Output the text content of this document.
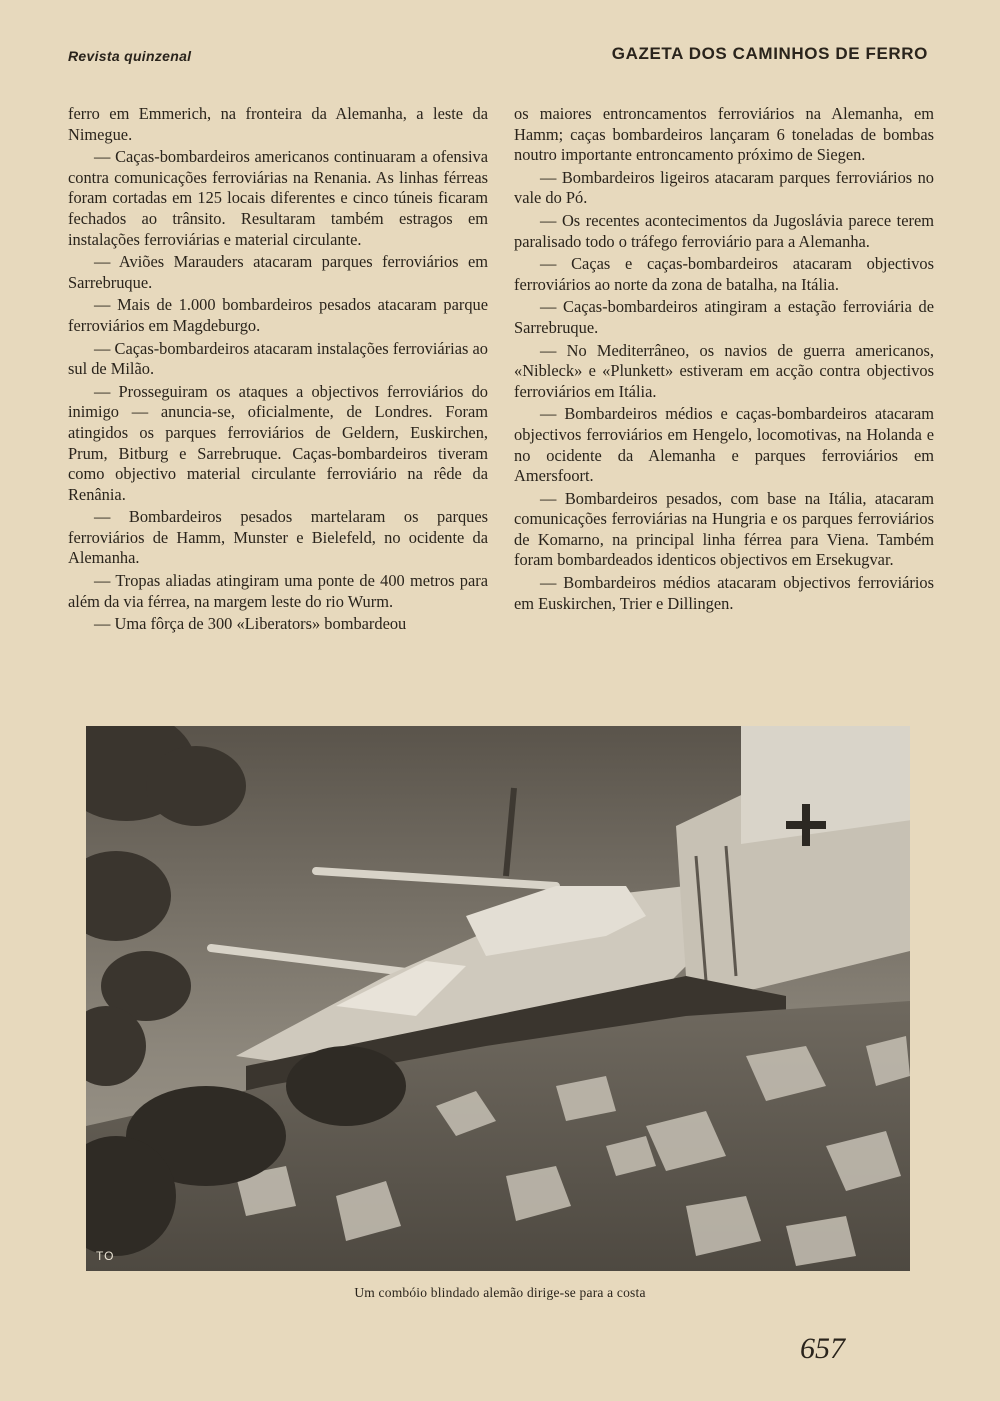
Revista quinzenal	GAZETA DOS CAMINHOS DE FERRO

ferro em Emmerich, na fronteira da Alemanha, a leste da Nimegue.

— Caças-bombardeiros americanos continuaram a ofensiva contra comunicações ferroviárias na Renania. As linhas férreas foram cortadas em 125 locais diferentes e cinco túneis ficaram fechados ao trânsito. Resultaram também estragos em instalações ferroviárias e material circulante.

— Aviões Marauders atacaram parques ferroviários em Sarrebruque.

— Mais de 1.000 bombardeiros pesados atacaram parque ferroviários em Magdeburgo.

— Caças-bombardeiros atacaram instalações ferroviárias ao sul de Milão.

— Prosseguiram os ataques a objectivos ferroviários do inimigo — anuncia-se, oficialmente, de Londres. Foram atingidos os parques ferroviários de Geldern, Euskirchen, Prum, Bitburg e Sarrebruque. Caças-bombardeiros tiveram como objectivo material circulante ferroviário na rêde da Renânia.

— Bombardeiros pesados martelaram os parques ferroviários de Hamm, Munster e Bielefeld, no ocidente da Alemanha.

— Tropas aliadas atingiram uma ponte de 400 metros para além da via férrea, na margem leste do rio Wurm.

— Uma fôrça de 300 «Liberators» bombardeou

os maiores entroncamentos ferroviários na Alemanha, em Hamm; caças bombardeiros lançaram 6 toneladas de bombas noutro importante entroncamento próximo de Siegen.

— Bombardeiros ligeiros atacaram parques ferroviários no vale do Pó.

— Os recentes acontecimentos da Jugoslávia parece terem paralisado todo o tráfego ferroviário para a Alemanha.

— Caças e caças-bombardeiros atacaram objectivos ferroviários ao norte da zona de batalha, na Itália.

— Caças-bombardeiros atingiram a estação ferroviária de Sarrebruque.

— No Mediterrâneo, os navios de guerra americanos, «Nibleck» e «Plunkett» estiveram em acção contra objectivos ferroviários em Itália.

— Bombardeiros médios e caças-bombardeiros atacaram objectivos ferroviários em Hengelo, locomotivas, na Holanda e no ocidente da Alemanha e parques ferroviários em Amersfoort.

— Bombardeiros pesados, com base na Itália, atacaram comunicações ferroviárias na Hungria e os parques ferroviários de Komarno, na principal linha férrea para Viena. Também foram bombardeados identicos objectivos em Ersekugvar.

— Bombardeiros médios atacaram objectivos ferroviários em Euskirchen, Trier e Dillingen.

TO
Um combóio blindado alemão dirige-se para a costa
657
